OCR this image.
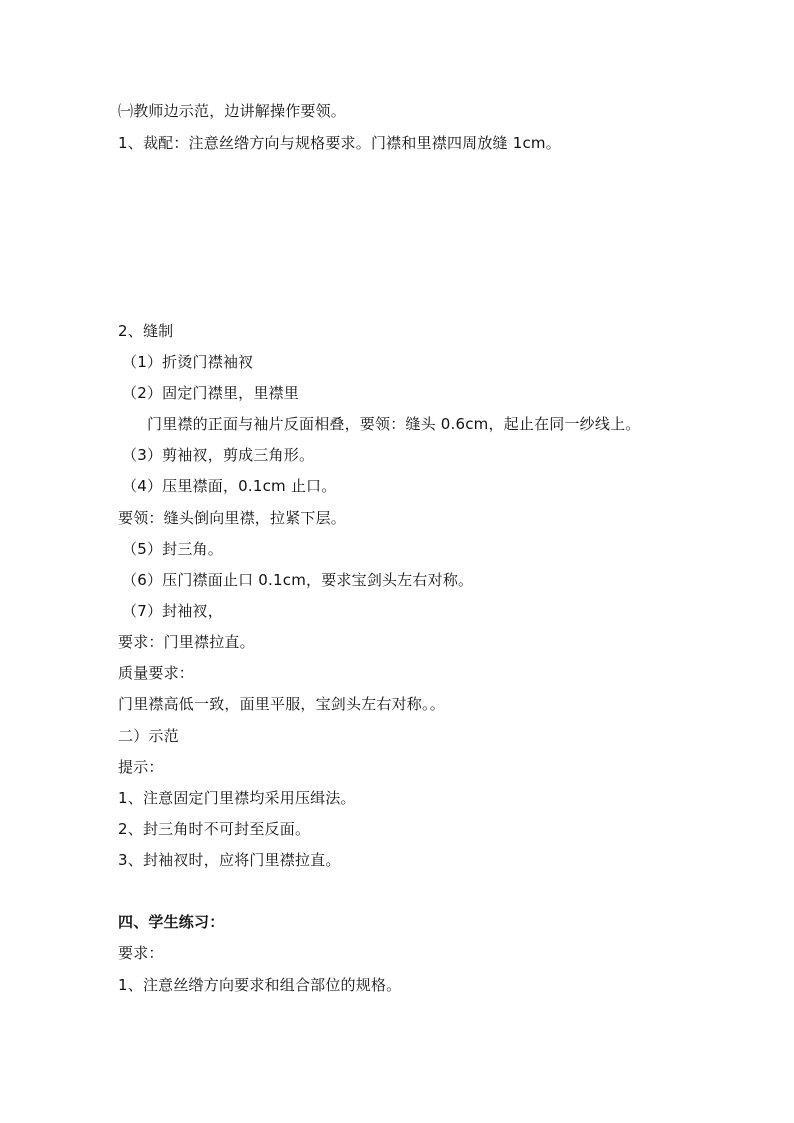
㈠教师边示范，边讲解操作要领。
1、裁配：注意丝绺方向与规格要求。门襟和里襟四周放缝 1cm。
2、缝制
（1）折烫门襟袖衩
（2）固定门襟里，里襟里
门里襟的正面与袖片反面相叠，要领：缝头 0.6cm，起止在同一纱线上。
（3）剪袖衩，剪成三角形。
（4）压里襟面，0.1cm 止口。
要领：缝头倒向里襟，拉紧下层。
（5）封三角。
（6）压门襟面止口 0.1cm，要求宝剑头左右对称。
（7）封袖衩，
要求：门里襟拉直。
质量要求：
门里襟高低一致，面里平服，宝剑头左右对称。。
二）示范
提示：
1、注意固定门里襟均采用压缉法。
2、封三角时不可封至反面。
3、封袖衩时，应将门里襟拉直。
四、学生练习：
要求：
1、注意丝绺方向要求和组合部位的规格。
